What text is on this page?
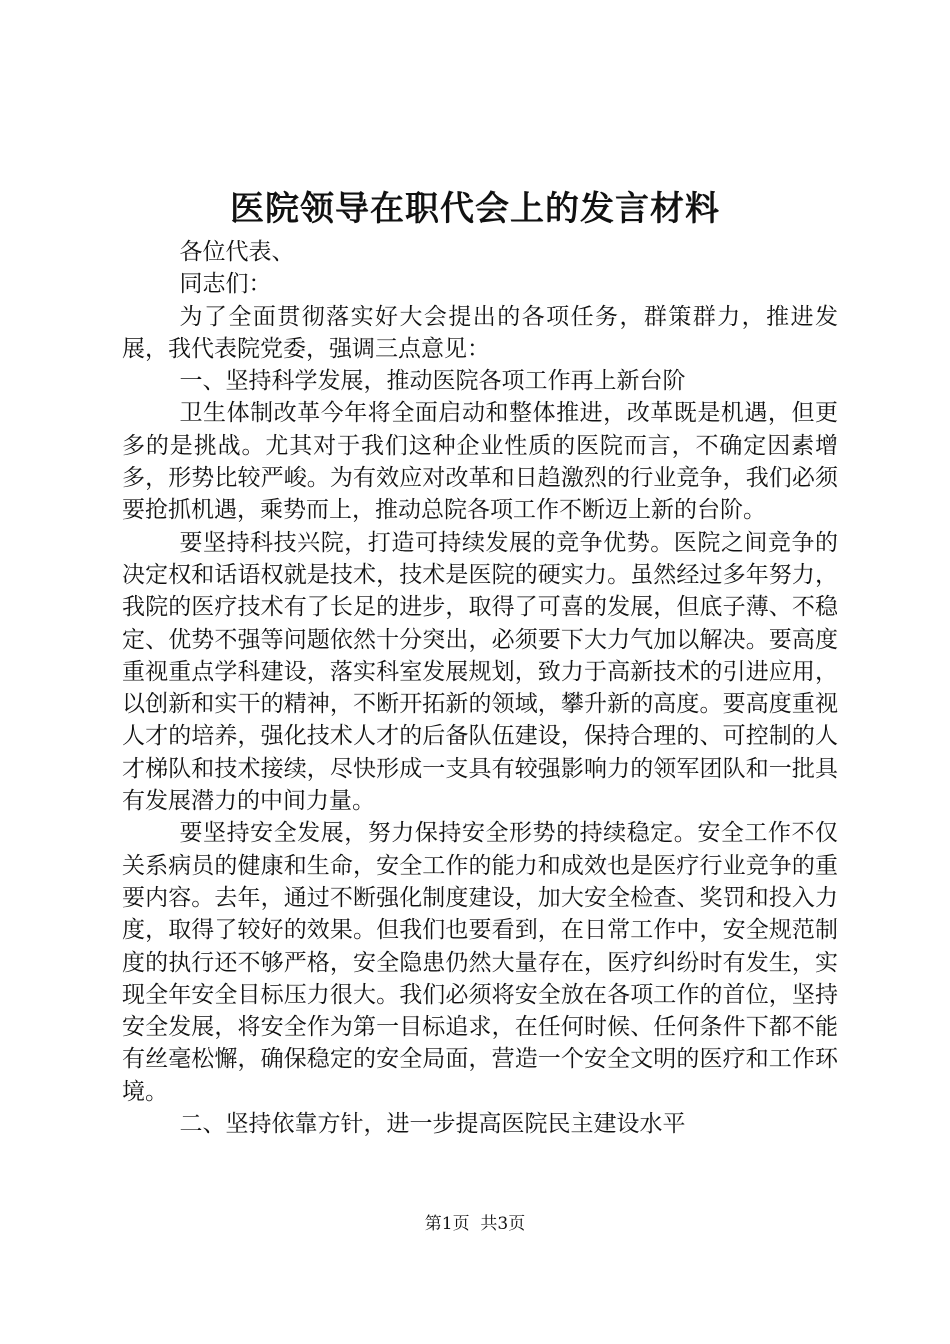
医院领导在职代会上的发言材料

各位代表、

同志们：

为了全面贯彻落实好大会提出的各项任务，群策群力，推进发展，我代表院党委，强调三点意见：

一、坚持科学发展，推动医院各项工作再上新台阶

卫生体制改革今年将全面启动和整体推进，改革既是机遇，但更多的是挑战。尤其对于我们这种企业性质的医院而言，不确定因素增多，形势比较严峻。为有效应对改革和日趋激烈的行业竞争，我们必须要抢抓机遇，乘势而上，推动总院各项工作不断迈上新的台阶。

要坚持科技兴院，打造可持续发展的竞争优势。医院之间竞争的决定权和话语权就是技术，技术是医院的硬实力。虽然经过多年努力，我院的医疗技术有了长足的进步，取得了可喜的发展，但底子薄、不稳定、优势不强等问题依然十分突出，必须要下大力气加以解决。要高度重视重点学科建设，落实科室发展规划，致力于高新技术的引进应用，以创新和实干的精神，不断开拓新的领域，攀升新的高度。要高度重视人才的培养，强化技术人才的后备队伍建设，保持合理的、可控制的人才梯队和技术接续，尽快形成一支具有较强影响力的领军团队和一批具有发展潜力的中间力量。

要坚持安全发展，努力保持安全形势的持续稳定。安全工作不仅关系病员的健康和生命，安全工作的能力和成效也是医疗行业竞争的重要内容。去年，通过不断强化制度建设，加大安全检查、奖罚和投入力度，取得了较好的效果。但我们也要看到，在日常工作中，安全规范制度的执行还不够严格，安全隐患仍然大量存在，医疗纠纷时有发生，实现全年安全目标压力很大。我们必须将安全放在各项工作的首位，坚持安全发展，将安全作为第一目标追求，在任何时候、任何条件下都不能有丝毫松懈，确保稳定的安全局面，营造一个安全文明的医疗和工作环境。

二、坚持依靠方针，进一步提高医院民主建设水平

第1页  共3页
